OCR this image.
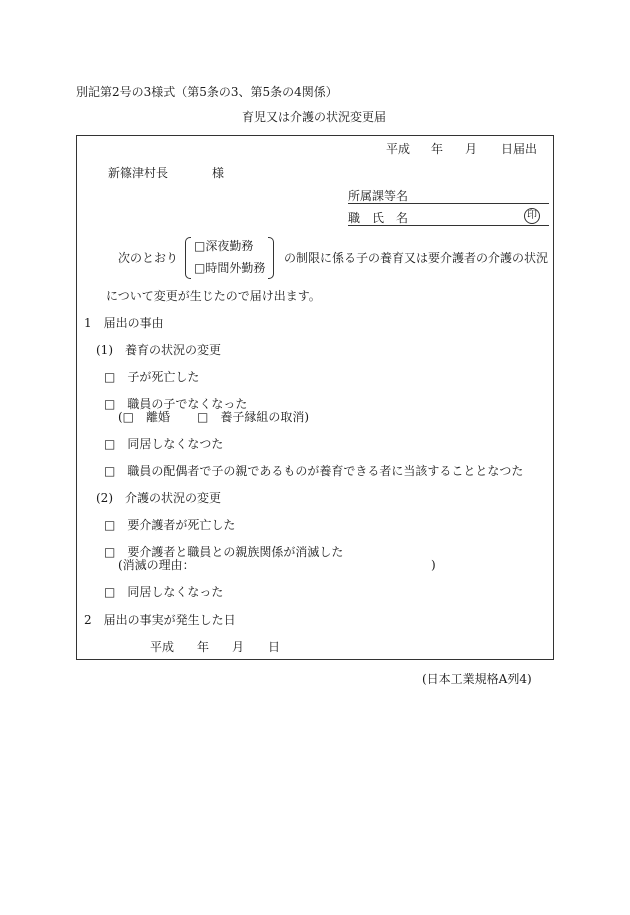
別記第2号の3様式（第5条の3、第5条の4関係）
育児又は介護の状況変更届
平成 年 月 日届出
新篠津村長	様
所属課等名
職　氏　名	印
次のとおり
□深夜勤務
□時間外勤務
の制限に係る子の養育又は要介護者の介護の状況
について変更が生じたので届け出ます。
1　届出の事由
(1)　養育の状況の変更
□　子が死亡した
□　職員の子でなくなった
(□　離婚 □　養子縁組の取消)
□　同居しなくなつた
□　職員の配偶者で子の親であるものが養育できる者に当該することとなつた
(2)　介護の状況の変更
□　要介護者が死亡した
□　要介護者と職員との親族関係が消滅した
(消滅の理由：	)
□　同居しなくなった
2　届出の事実が発生した日
平成 年 月 日
(日本工業規格A列4)
